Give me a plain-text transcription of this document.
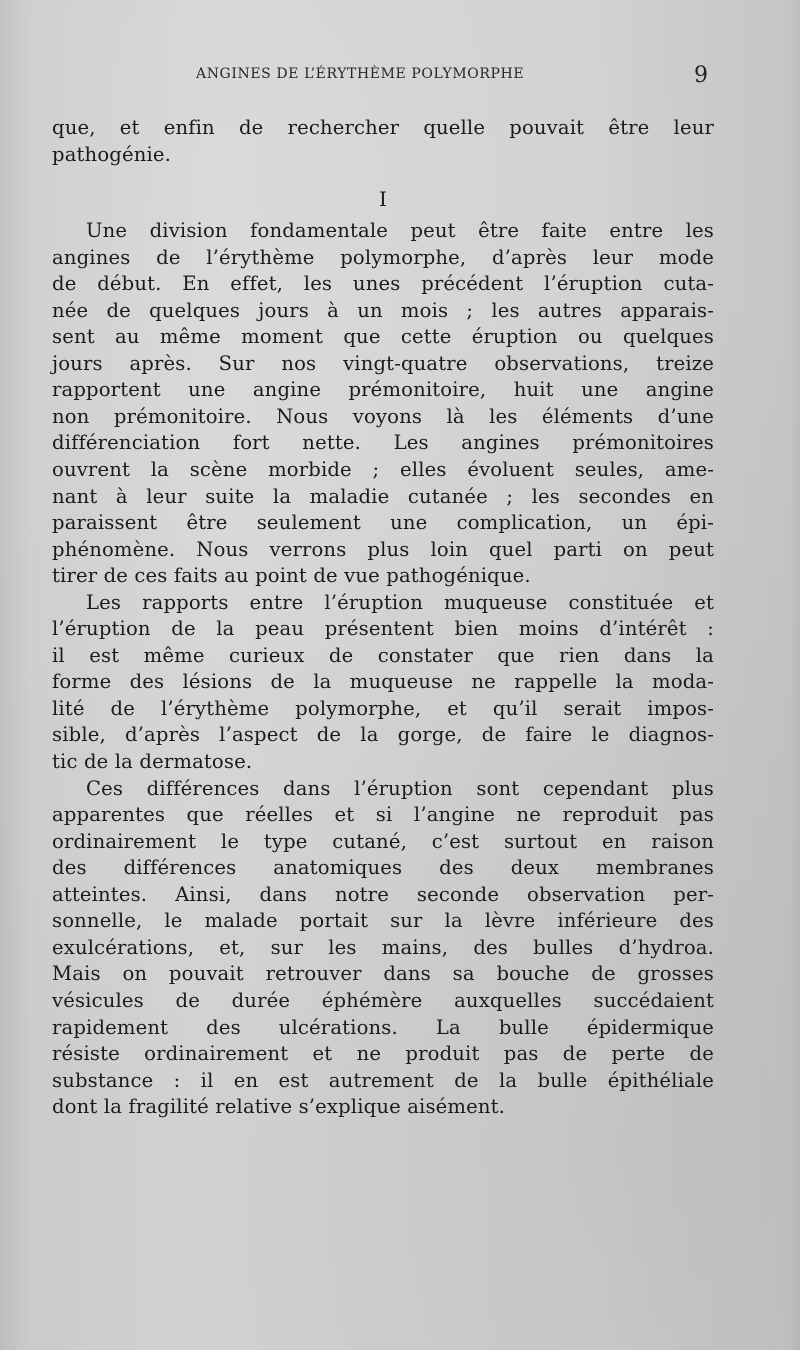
ANGINES DE L’ÉRYTHÈME POLYMORPHE	9
que, et enfin de rechercher quelle pouvait être leur
pathogénie.
I
Une division fondamentale peut être faite entre les
angines de l’érythème polymorphe, d’après leur mode
de début. En effet, les unes précédent l’éruption cuta-
née de quelques jours à un mois ; les autres apparais-
sent au même moment que cette éruption ou quelques
jours après. Sur nos vingt-quatre observations, treize
rapportent une angine prémonitoire, huit une angine
non prémonitoire. Nous voyons là les éléments d’une
différenciation fort nette. Les angines prémonitoires
ouvrent la scène morbide ; elles évoluent seules, ame-
nant à leur suite la maladie cutanée ; les secondes en
paraissent être seulement une complication, un épi-
phénomène. Nous verrons plus loin quel parti on peut
tirer de ces faits au point de vue pathogénique.
Les rapports entre l’éruption muqueuse constituée et
l’éruption de la peau présentent bien moins d’intérêt :
il est même curieux de constater que rien dans la
forme des lésions de la muqueuse ne rappelle la moda-
lité de l’érythème polymorphe, et qu’il serait impos-
sible, d’après l’aspect de la gorge, de faire le diagnos-
tic de la dermatose.
Ces différences dans l’éruption sont cependant plus
apparentes que réelles et si l’angine ne reproduit pas
ordinairement le type cutané, c’est surtout en raison
des différences anatomiques des deux membranes
atteintes. Ainsi, dans notre seconde observation per-
sonnelle, le malade portait sur la lèvre inférieure des
exulcérations, et, sur les mains, des bulles d’hydroa.
Mais on pouvait retrouver dans sa bouche de grosses
vésicules de durée éphémère auxquelles succédaient
rapidement des ulcérations. La bulle épidermique
résiste ordinairement et ne produit pas de perte de
substance : il en est autrement de la bulle épithéliale
dont la fragilité relative s’explique aisément.
